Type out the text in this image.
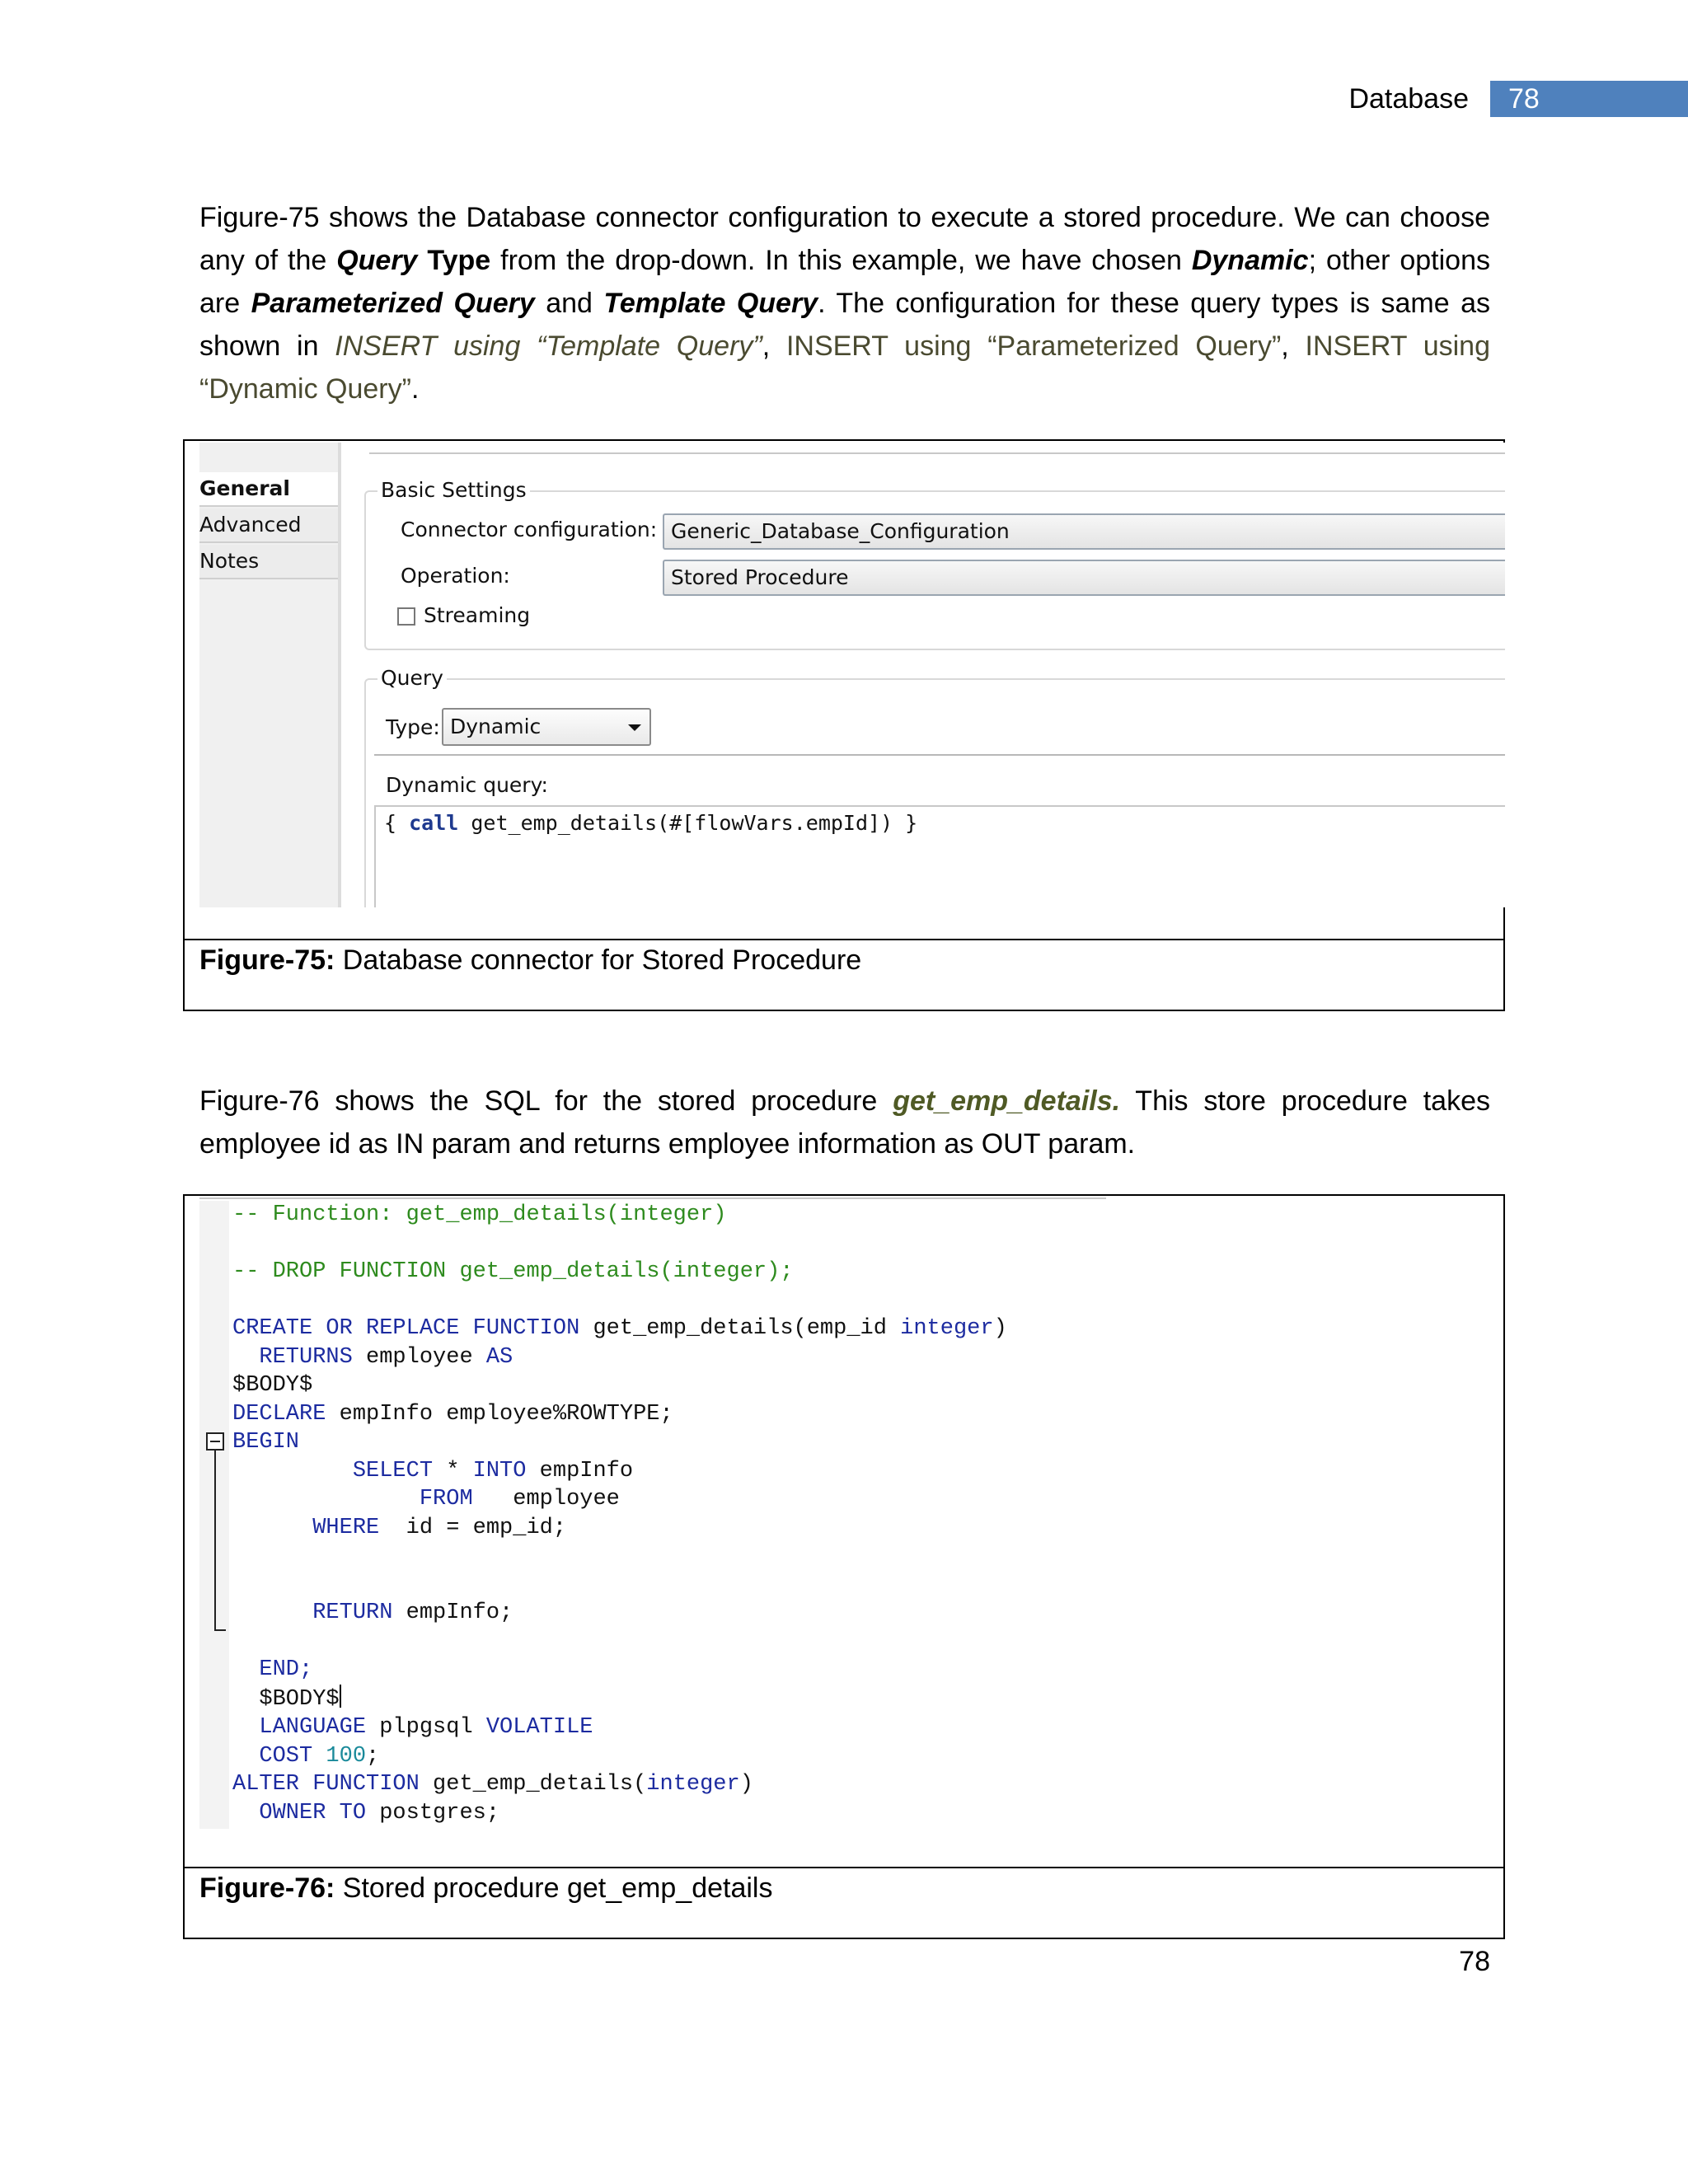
Database 78

Figure-75 shows the Database connector configuration to execute a stored procedure. We can choose any of the Query Type from the drop-down. In this example, we have chosen Dynamic; other options are Parameterized Query and Template Query. The configuration for these query types is same as shown in INSERT using “Template Query”, INSERT using “Parameterized Query”, INSERT using “Dynamic Query”.

General
Advanced
Notes
Basic Settings
Connector configuration: Generic_Database_Configuration
Operation:	Stored Procedure
Streaming
Query
Type: Dynamic
Dynamic query:
{ call get_emp_details(#[flowVars.empId]) }
Figure-75: Database connector for Stored Procedure

Figure-76 shows the SQL for the stored procedure get_emp_details. This store procedure takes employee id as IN param and returns employee information as OUT param.

-- Function: get_emp_details(integer)

-- DROP FUNCTION get_emp_details(integer);

CREATE OR REPLACE FUNCTION get_emp_details(emp_id integer)
RETURNS employee AS
$BODY$
DECLARE empInfo employee%ROWTYPE;
BEGIN
SELECT * INTO empInfo
FROM   employee
WHERE  id = emp_id;

RETURN empInfo;

END;
$BODY$
LANGUAGE plpgsql VOLATILE
COST 100;
ALTER FUNCTION get_emp_details(integer)
OWNER TO postgres;
Figure-76: Stored procedure get_emp_details
78
